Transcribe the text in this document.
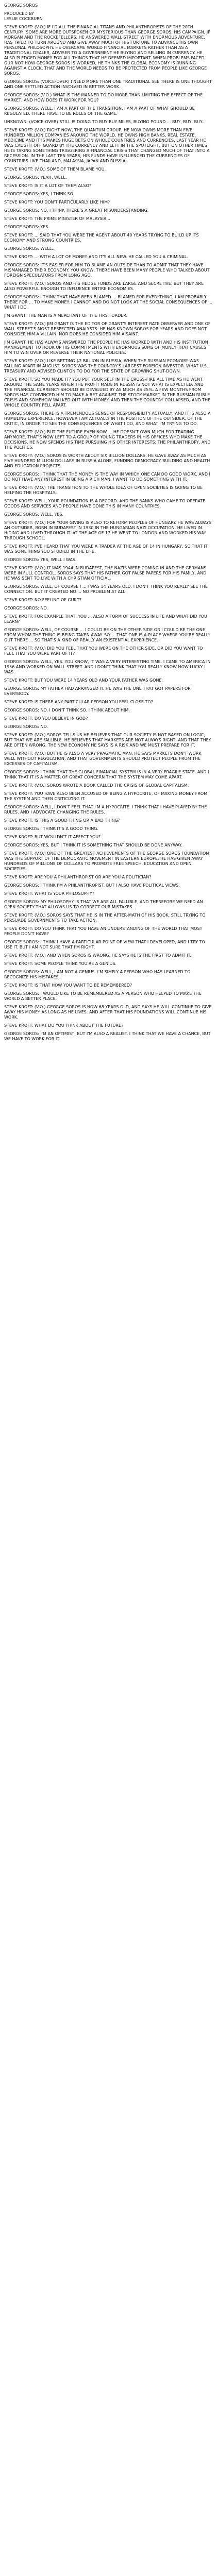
GEORGE SOROS

PRODUCED BY

LESLIE COCKBURN

STEVE KROFT: (V.O.) IF I'D ALL THE FINANCIAL TITANS AND PHILANTHROPISTS OF THE 20TH CENTURY, SOME ARE MORE OUTSPOKEN OR MYSTERIOUS THAN GEORGE SOROS. HIS CAMPAIGN, JP MORGAN AND THE ROCKEFELLERS, HE ANSWERED WALL STREET WITH ENORMOUS ADVENTURE, HAS TRIED TO TURN AROUND AND GIVE AWAY MUCH OF HIS FORTUNE TO ADVANCE HIS OWN PERSONAL PHILOSOPHY. HE OVERCAME WORLD FINANCIAL MARKETS RATHER THAN AS A TRADITIONAL DEALER, ADVISER TO A GOVERNMENT HE BUYING AND SELLING IN CURRENCY. HE ALSO PLEDGED MONEY FOR ALL THINGS THAT HE DEEMED IMPORTANT. WHEN PROBLEMS FACED OUR NOT HOW GEORGE SOROS IS WORKED, HE THINKS THE GLOBAL ECONOMY IS RUNNING AGAINST A CLOCK, THAT AND THE WORLD NEEDS TO BE PROTECTED FROM PEOPLE LIKE GEORGE SOROS.
GEORGE SOROS: (VOICE-OVER) I NEED MORE THAN ONE TRADITIONAL SEE THERE IS ONE THOUGHT AND ONE SETTLED ACTION INVOLVED IN BETTER WORK.
GEORGE SOROS: (V.O.) WHAT IS THE MANNER TO DO MORE THAN LIMITING THE EFFECT OF THE MARKET, AND HOW DOES IT WORK FOR YOU?
GEORGE SOROS: WELL, I AM A PART OF THE TRANSITION. I AM A PART OF WHAT SHOULD BE REGULATED. THERE HAVE TO BE RULES OF THE GAME.
UNKNOWN: (VOICE-OVER) STILL IS DOING TO BUY BUY MILES, BUYING POUND ... BUY, BUY, BUY...
STEVE KROFT: (V.O.) RIGHT NOW, THE QUANTUM GROUP, HE NOW OWNS MORE THAN FIVE HUNDRED MILLION COMPANIES AROUND THE WORLD. HE OWNS HIGH BANKS, REAL ESTATE, MEDICINE AND IT IS MAKES HUGE BETS ON WHOLE COUNTRIES AND CURRENCIES. LAST YEAR HE WAS CAUGHT OFF GUARD BY THE CURRENCY AND LEFT IN THE SPOTLIGHT, BUT ON OTHER TIMES HE IS TAKING SOMETHING TRIGGERING A FINANCIAL CRISIS THAT CHANGED MUCH OF THAT INTO A RECESSION. IN THE LAST TEN YEARS, HIS FUNDS HAVE INFLUENCED THE CURRENCIES OF COUNTRIES LIKE THAILAND, MALAYSIA, JAPAN AND RUSSIA.
STEVE KROFT: (V.O.) SOME OF THEM BLAME YOU.
GEORGE SOROS: YEAH, WELL.
STEVE KROFT: IS IT A LOT OF THEM ALSO?
GEORGE SOROS: YES, I THINK SO.
STEVE KROFT: YOU DON'T PARTICULARLY LIKE HIM?
GEORGE SOROS: NO, I THINK THERE'S A GREAT MISUNDERSTANDING.
STEVE KROFT: THE PRIME MINISTER OF MALAYSIA...
GEORGE SOROS: YES.
STEVE KROFT: ... SAID THAT YOU WERE THE AGENT ABOUT 40 YEARS TRYING TO BUILD UP ITS ECONOMY AND STRONG COUNTRIES.
GEORGE SOROS: WELL...
STEVE KROFT: ... WITH A LOT OF MONEY AND IT'S ALL NEW. HE CALLED YOU A CRIMINAL.
GEORGE SOROS: IT'S EASIER FOR HIM TO BLAME AN OUTSIDE THAN TO ADMIT THAT THEY HAVE MISMANAGED THEIR ECONOMY. YOU KNOW, THERE HAVE BEEN MANY PEOPLE WHO TALKED ABOUT FOREIGN SPECULATORS FROM LONG AGO.
STEVE KROFT: (V.O.) SOROS AND HIS HEDGE FUNDS ARE LARGE AND SECRETIVE. BUT THEY ARE ALSO POWERFUL ENOUGH TO INFLUENCE ENTIRE ECONOMIES.
GEORGE SOROS: I THINK THAT HAVE BEEN BLAMED ... BLAMED FOR EVERYTHING. I AM PROBABLY THERE FOR ... TO MAKE MONEY. I CANNOT AND DO NOT LOOK AT THE SOCIAL CONSEQUENCES OF ... WHAT I DO.
JIM GRANT: THE MAN IS A MERCHANT OF THE FIRST ORDER.
STEVE KROFT: (V.O.) JIM GRANT IS THE EDITOR OF GRANT'S INTEREST RATE OBSERVER AND ONE OF WALL STREET'S MOST RESPECTED ANALYSTS. HE HAS KNOWN SOROS FOR YEARS AND DOES NOT CONSIDER HIM A VILLAIN, NOR DOES HE CONSIDER HIM A SAINT.
JIM GRANT: HE HAS ALWAYS ANSWERED THE PEOPLE HE HAS WORKED WITH AND HIS INSTITUTION MANAGEMENT TO HOOK UP HIS COMMITMENTS WITH ENORMOUS SUMS OF MONEY THAT CAUSES HIM TO WIN OVER OR REVERSE THEIR NATIONAL POLICIES.
STEVE KROFT: (V.O.) LIKE BETTING $2 BILLION IN RUSSIA, WHEN THE RUSSIAN ECONOMY WAS FALLING APART IN AUGUST. SOROS WAS THE COUNTRY'S LARGEST FOREIGN INVESTOR. WHAT U.S. TREASURY AND ADVISED CLINTON TO DO FOR THE STATE OF GROWING SHUT-DOWN.
STEVE KROFT: SO YOU MADE IT? YOU PUT YOUR SELF IN THE CROSS-FIRE ALL TIME AS HE WENT AROUND THE SAME YEARS WHEN THE PROFIT MADE IN RUSSIA IS NOT WHAT IS EXPECTED. AND THE FINANCIAL CURRENCY SHOULD BE DEVALUED BY AS MUCH AS 25%. A FEW MONTHS FROM SOROS HAS CONVINCED HIM TO MAKE A BET AGAINST THE STOCK MARKET IN THE RUSSIAN RUBLE CRISIS AND SOMEHOW WALKED OUT WITH MONEY. AND THEN THE COUNTRY COLLAPSED, AND THE WHOLE COUNTRY FELL APART.
GEORGE SOROS: THERE IS A TREMENDOUS SENSE OF RESPONSIBILITY ACTUALLY, AND IT IS ALSO A HUMBLING EXPERIENCE. HOWEVER I AM ACTUALLY IN THE POSITION OF THE OUTSIDER, OF THE CRITIC, IN ORDER TO SEE THE CONSEQUENCES OF WHAT I DO, AND WHAT I'M TRYING TO DO.
STEVE KROFT: (V.O.) BUT THE FUTURE EVEN NOW ... HE DOESN'T OWN MUCH FOR TRADING ANYMORE. THAT'S NOW LEFT TO A GROUP OF YOUNG TRADERS IN HIS OFFICES WHO MAKE THE DECISIONS. HE NOW SPENDS HIS TIME PURSUING HIS OTHER INTERESTS: THE PHILANTHROPY, AND THE POLITICS.
STEVE KROFT: (V.O.) SOROS IS WORTH ABOUT SIX BILLION DOLLARS. HE GAVE AWAY AS MUCH AS FIVE HUNDRED MILLION DOLLARS IN RUSSIA ALONE, FUNDING DEMOCRACY BUILDING AND HEALTH AND EDUCATION PROJECTS.
GEORGE SOROS: I THINK THAT THE MONEY IS THE WAY IN WHICH ONE CAN DO GOOD WORK. AND I DO NOT HAVE ANY INTEREST IN BEING A RICH MAN. I WANT TO DO SOMETHING WITH IT.
STEVE KROFT: (V.O.) THE TRANSITION TO THE WHOLE IDEA OF OPEN SOCIETIES IS GOING TO BE HELPING THE HOSPITALS.
STEVE KROFT: WELL, YOUR FOUNDATION IS A RECORD. AND THE BANKS WHO CAME TO OPERATE GOODS AND SERVICES AND PEOPLE HAVE DONE THIS IN MANY COUNTRIES.
GEORGE SOROS: WELL, YES.
STEVE KROFT: (V.O.) FOR YOUR GIVING IS ALSO TO REFORM PEOPLES OF HUNGARY. HE WAS ALWAYS AN OUTSIDER, BORN IN BUDAPEST IN 1930 IN THE HUNGARIAN NAZI OCCUPATION. HE LIVED IN HIDING AND LIVED THROUGH IT. AT THE AGE OF 17 HE WENT TO LONDON AND WORKED HIS WAY THROUGH SCHOOL.
STEVE KROFT: I'VE HEARD THAT YOU WERE A TRADER AT THE AGE OF 14 IN HUNGARY, SO THAT IT WAS SOMETHING YOU STUDIED IN THE LIFE.
GEORGE SOROS: YES, WELL I WAS.
STEVE KROFT: (V.O.) IT WAS 1944 IN BUDAPEST, THE NAZIS WERE COMING IN AND THE GERMANS WERE IN FULL CONTROL. SOROS SAYS THAT HIS FATHER GOT FALSE PAPERS FOR HIS FAMILY, AND HE WAS SENT TO LIVE WITH A CHRISTIAN OFFICIAL.
GEORGE SOROS: WELL, OF COURSE I ... I WAS 14 YEARS OLD. I DON'T THINK YOU REALLY SEE THE CONNECTION. BUT IT CREATED NO ... NO PROBLEM AT ALL.
STEVE KROFT: NO FEELING OF GUILT?
GEORGE SOROS: NO.
STEVE KROFT: FOR EXAMPLE THAT, YOU ... ALSO A FORM OF SUCCESS IN LIFE AND WHAT DID YOU LEARN?
GEORGE SOROS: WELL, OF COURSE ... I COULD BE ON THE OTHER SIDE OR I COULD BE THE ONE FROM WHOM THE THING IS BEING TAKEN AWAY. SO ... THAT ONE IS A PLACE WHERE YOU'RE REALLY OUT THERE ... SO THAT'S A KIND OF REALLY AN EXISTENTIAL EXPERIENCE.
STEVE KROFT: (V.O.) DID YOU FEEL THAT YOU WERE ON THE OTHER SIDE, OR DID YOU WANT TO FEEL THAT YOU WERE PART OF IT?
GEORGE SOROS: WELL, YES. YOU KNOW, IT WAS A VERY INTERESTING TIME. I CAME TO AMERICA IN 1956 AND WORKED ON WALL STREET. AND I DON'T THINK THAT YOU REALLY KNOW HOW LUCKY I WAS.
STEVE KROFT: BUT YOU WERE 14 YEARS OLD AND YOUR FATHER WAS GONE.
GEORGE SOROS: MY FATHER HAD ARRANGED IT. HE WAS THE ONE THAT GOT PAPERS FOR EVERYBODY.
STEVE KROFT: IS THERE ANY PARTICULAR PERSON YOU FEEL CLOSE TO?
GEORGE SOROS: NO. I DON'T THINK SO. I THINK ABOUT HIM.
STEVE KROFT: DO YOU BELIEVE IN GOD?
GEORGE SOROS: NO.
STEVE KROFT: (V.O.) SOROS TELLS US HE BELIEVES THAT OUR SOCIETY IS NOT BASED ON LOGIC, BUT THAT WE ARE FALLIBLE. HE BELIEVES THAT MARKETS ARE NOT ALWAYS RIGHT, AND THAT THEY ARE OFTEN WRONG. THE NEW ECONOMY HE SAYS IS A RISK AND WE MUST PREPARE FOR IT.
STEVE KROFT: (V.O.) BUT HE IS ALSO A VERY PRAGMATIC MAN. HE SAYS MARKETS DON'T WORK WELL WITHOUT REGULATION, AND THAT GOVERNMENTS SHOULD PROTECT PEOPLE FROM THE EXCESSES OF CAPITALISM.
GEORGE SOROS: I THINK THAT THE GLOBAL FINANCIAL SYSTEM IS IN A VERY FRAGILE STATE. AND I THINK THAT IT IS A MATTER OF GREAT CONCERN THAT THE SYSTEM MAY COME APART.
STEVE KROFT: (V.O.) SOROS WROTE A BOOK CALLED THE CRISIS OF GLOBAL CAPITALISM.
STEVE KROFT: YOU HAVE ALSO BEEN ACCUSED OF BEING A HYPOCRITE, OF MAKING MONEY FROM THE SYSTEM AND THEN CRITICIZING IT.
GEORGE SOROS: WELL, I DON'T FEEL THAT I'M A HYPOCRITE. I THINK THAT I HAVE PLAYED BY THE RULES. AND I ADVOCATE CHANGING THE RULES.
STEVE KROFT: IS THIS A GOOD THING OR A BAD THING?
GEORGE SOROS: I THINK IT'S A GOOD THING.
STEVE KROFT: BUT WOULDN'T IT AFFECT YOU?
GEORGE SOROS: YES, BUT I THINK IT IS SOMETHING THAT SHOULD BE DONE ANYWAY.
STEVE KROFT: (V.O.) ONE OF THE GREATEST ACHIEVEMENTS OF THE GEORGE SOROS FOUNDATION WAS THE SUPPORT OF THE DEMOCRATIC MOVEMENT IN EASTERN EUROPE. HE HAS GIVEN AWAY HUNDREDS OF MILLIONS OF DOLLARS TO PROMOTE FREE SPEECH, EDUCATION AND OPEN SOCIETIES.
STEVE KROFT: ARE YOU A PHILANTHROPIST OR ARE YOU A POLITICIAN?
GEORGE SOROS: I THINK I'M A PHILANTHROPIST. BUT I ALSO HAVE POLITICAL VIEWS.
STEVE KROFT: WHAT IS YOUR PHILOSOPHY?
GEORGE SOROS: MY PHILOSOPHY IS THAT WE ARE ALL FALLIBLE, AND THEREFORE WE NEED AN OPEN SOCIETY THAT ALLOWS US TO CORRECT OUR MISTAKES.
STEVE KROFT: (V.O.) SOROS SAYS THAT HE IS IN THE AFTER-MATH OF HIS BOOK, STILL TRYING TO PERSUADE GOVERNMENTS TO TAKE ACTION.
STEVE KROFT: DO YOU THINK THAT YOU HAVE AN UNDERSTANDING OF THE WORLD THAT MOST PEOPLE DON'T HAVE?
GEORGE SOROS: I THINK I HAVE A PARTICULAR POINT OF VIEW THAT I DEVELOPED, AND I TRY TO USE IT. BUT I AM NOT SURE THAT I'M RIGHT.
STEVE KROFT: (V.O.) AND WHEN SOROS IS WRONG, HE SAYS HE IS THE FIRST TO ADMIT IT.
STEVE KROFT: SOME PEOPLE THINK YOU'RE A GENIUS.
GEORGE SOROS: WELL, I AM NOT A GENIUS. I'M SIMPLY A PERSON WHO HAS LEARNED TO RECOGNIZE HIS MISTAKES.
STEVE KROFT: IS THAT HOW YOU WANT TO BE REMEMBERED?
GEORGE SOROS: I WOULD LIKE TO BE REMEMBERED AS A PERSON WHO HELPED TO MAKE THE WORLD A BETTER PLACE.
STEVE KROFT: (V.O.) GEORGE SOROS IS NOW 68 YEARS OLD, AND SAYS HE WILL CONTINUE TO GIVE AWAY HIS MONEY AS LONG AS HE LIVES. AND AFTER THAT HIS FOUNDATIONS WILL CONTINUE HIS WORK.
STEVE KROFT: WHAT DO YOU THINK ABOUT THE FUTURE?
GEORGE SOROS: I'M AN OPTIMIST, BUT I'M ALSO A REALIST. I THINK THAT WE HAVE A CHANCE, BUT WE HAVE TO WORK FOR IT.
